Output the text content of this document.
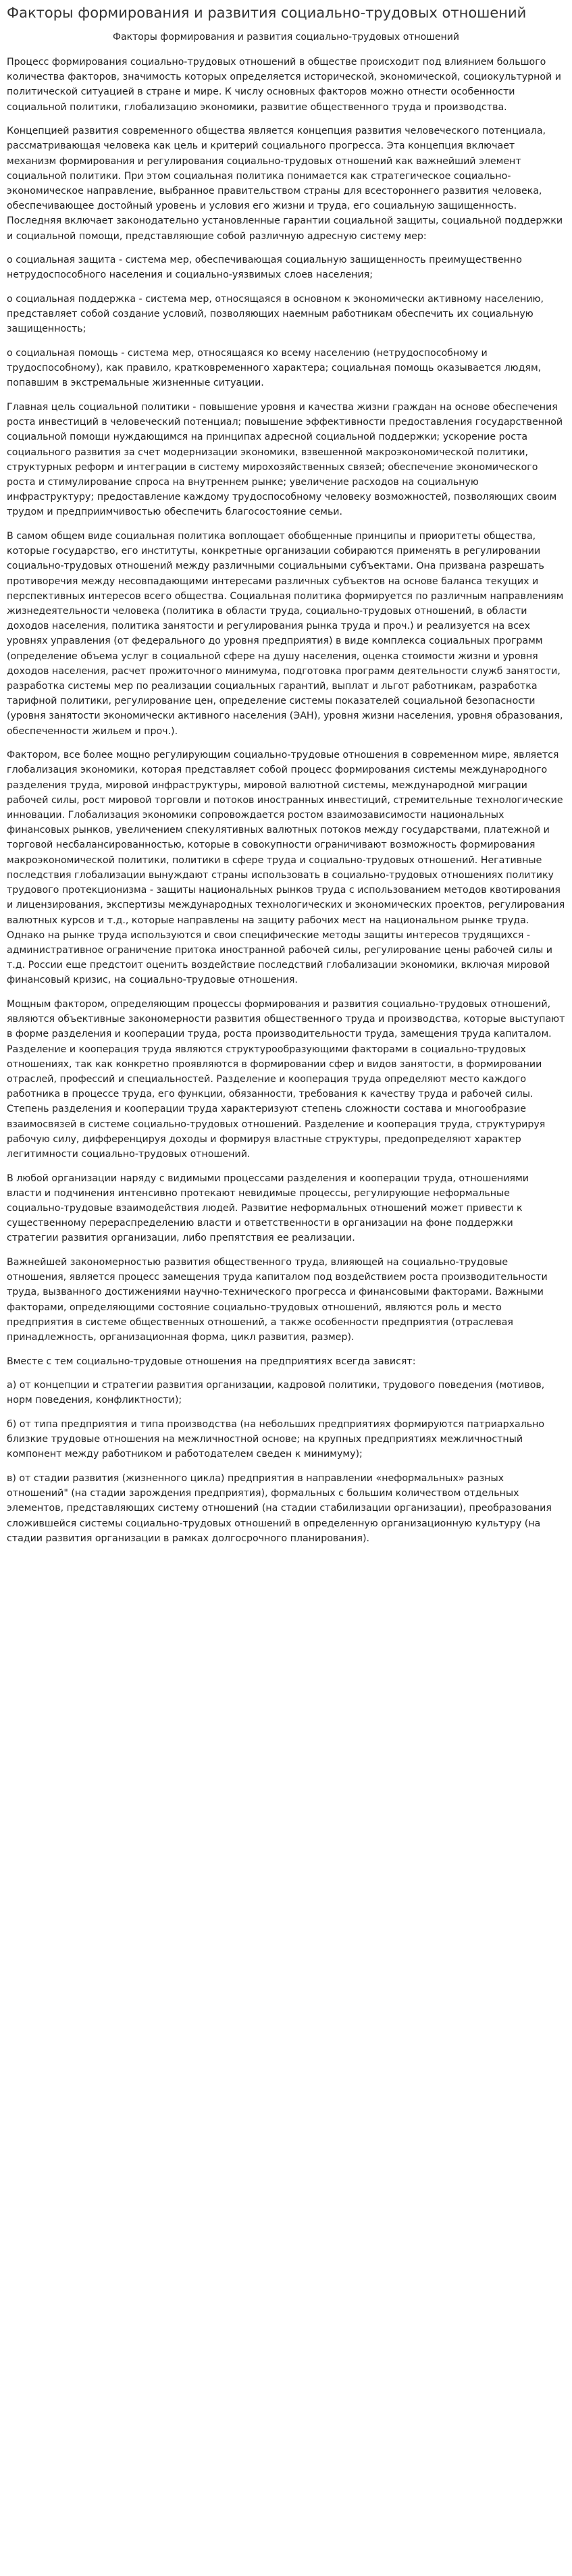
Факторы формирования и развития социально-трудовых отношений
Факторы формирования и развития социально-трудовых отношений

Процесс формирования социально-трудовых отношений в обществе происходит под влиянием большого количества факторов, значимость которых определяется исторической, экономической, социокультурной и политической ситуацией в стране и мире. К числу основных факторов можно отнести особенности социальной политики, глобализацию экономики, развитие общественного труда и производства.

Концепцией развития современного общества является концепция развития человеческого потенциала, рассматривающая человека как цель и критерий социального прогресса. Эта концепция включает механизм формирования и регулирования социально-трудовых отношений как важнейший элемент социальной политики. При этом социальная политика понимается как стратегическое социально-экономическое направление, выбранное правительством страны для всестороннего развития человека, обеспечивающее достойный уровень и условия его жизни и труда, его социальную защищенность. Последняя включает законодательно установленные гарантии социальной защиты, социальной поддержки и социальной помощи, представляющие собой различную адресную систему мер:

о социальная защита - система мер, обеспечивающая социальную защищенность преимущественно нетрудоспособного населения и социально-уязвимых слоев населения;

о социальная поддержка - система мер, относящаяся в основном к экономически активному населению, представляет собой создание условий, позволяющих наемным работникам обеспечить их социальную защищенность;

о социальная помощь - система мер, относящаяся ко всему населению (нетрудоспособному и трудоспособному), как правило, кратковременного характера; социальная помощь оказывается людям, попавшим в экстремальные жизненные ситуации.

Главная цель социальной политики - повышение уровня и качества жизни граждан на основе обеспечения роста инвестиций в человеческий потенциал; повышение эффективности предоставления государственной социальной помощи нуждающимся на принципах адресной социальной поддержки; ускорение роста социального развития за счет модернизации экономики, взвешенной макроэкономической политики, структурных реформ и интеграции в систему мирохозяйственных связей; обеспечение экономического роста и стимулирование спроса на внутреннем рынке; увеличение расходов на социальную инфраструктуру; предоставление каждому трудоспособному человеку возможностей, позволяющих своим трудом и предприимчивостью обеспечить благосостояние семьи.

В самом общем виде социальная политика воплощает обобщенные принципы и приоритеты общества, которые государство, его институты, конкретные организации собираются применять в регулировании социально-трудовых отношений между различными социальными субъектами. Она призвана разрешать противоречия между несовпадающими интересами различных субъектов на основе баланса текущих и перспективных интересов всего общества. Социальная политика формируется по различным направлениям жизнедеятельности человека (политика в области труда, социально-трудовых отношений, в области доходов населения, политика занятости и регулирования рынка труда и проч.) и реализуется на всех уровнях управления (от федерального до уровня предприятия) в виде комплекса социальных программ (определение объема услуг в социальной сфере на душу населения, оценка стоимости жизни и уровня доходов населения, расчет прожиточного минимума, подготовка программ деятельности служб занятости, разработка системы мер по реализации социальных гарантий, выплат и льгот работникам, разработка тарифной политики, регулирование цен, определение системы показателей социальной безопасности (уровня занятости экономически активного населения (ЭАН), уровня жизни населения, уровня образования, обеспеченности жильем и проч.).

Фактором, все более мощно регулирующим социально-трудовые отношения в современном мире, является глобализация экономики, которая представляет собой процесс формирования системы международного разделения труда, мировой инфраструктуры, мировой валютной системы, международной миграции рабочей силы, рост мировой торговли и потоков иностранных инвестиций, стремительные технологические инновации. Глобализация экономики сопровождается ростом взаимозависимости национальных финансовых рынков, увеличением спекулятивных валютных потоков между государствами, платежной и торговой несбалансированностью, которые в совокупности ограничивают возможность формирования макроэкономической политики, политики в сфере труда и социально-трудовых отношений. Негативные последствия глобализации вынуждают страны использовать в социально-трудовых отношениях политику трудового протекционизма - защиты национальных рынков труда с использованием методов квотирования и лицензирования, экспертизы международных технологических и экономических проектов, регулирования валютных курсов и т.д., которые направлены на защиту рабочих мест на национальном рынке труда. Однако на рынке труда используются и свои специфические методы защиты интересов трудящихся - административное ограничение притока иностранной рабочей силы, регулирование цены рабочей силы и т.д. России еще предстоит оценить воздействие последствий глобализации экономики, включая мировой финансовый кризис, на социально-трудовые отношения.

Мощным фактором, определяющим процессы формирования и развития социально-трудовых отношений, являются объективные закономерности развития общественного труда и производства, которые выступают в форме разделения и кооперации труда, роста производительности труда, замещения труда капиталом. Разделение и кооперация труда являются структурообразующими факторами в социально-трудовых отношениях, так как конкретно проявляются в формировании сфер и видов занятости, в формировании отраслей, профессий и специальностей. Разделение и кооперация труда определяют место каждого работника в процессе труда, его функции, обязанности, требования к качеству труда и рабочей силы. Степень разделения и кооперации труда характеризуют степень сложности состава и многообразие взаимосвязей в системе социально-трудовых отношений. Разделение и кооперация труда, структурируя рабочую силу, дифференцируя доходы и формируя властные структуры, предопределяют характер легитимности социально-трудовых отношений.

В любой организации наряду с видимыми процессами разделения и кооперации труда, отношениями власти и подчинения интенсивно протекают невидимые процессы, регулирующие неформальные социально-трудовые взаимодействия людей. Развитие неформальных отношений может привести к существенному перераспределению власти и ответственности в организации на фоне поддержки стратегии развития организации, либо препятствия ее реализации.

Важнейшей закономерностью развития общественного труда, влияющей на социально-трудовые отношения, является процесс замещения труда капиталом под воздействием роста производительности труда, вызванного достижениями научно-технического прогресса и финансовыми факторами. Важными факторами, определяющими состояние социально-трудовых отношений, являются роль и место предприятия в системе общественных отношений, а также особенности предприятия (отраслевая принадлежность, организационная форма, цикл развития, размер).

Вместе с тем социально-трудовые отношения на предприятиях всегда зависят:

а) от концепции и стратегии развития организации, кадровой политики, трудового поведения (мотивов, норм поведения, конфликтности);

б) от типа предприятия и типа производства (на небольших предприятиях формируются патриархально близкие трудовые отношения на межличностной основе; на крупных предприятиях межличностный компонент между работником и работодателем сведен к минимуму);

в) от стадии развития (жизненного цикла) предприятия в направлении «неформальных» разных отношений" (на стадии зарождения предприятия), формальных с большим количеством отдельных элементов, представляющих систему отношений (на стадии стабилизации организации), преобразования сложившейся системы социально-трудовых отношений в определенную организационную культуру (на стадии развития организации в рамках долгосрочного планирования).
